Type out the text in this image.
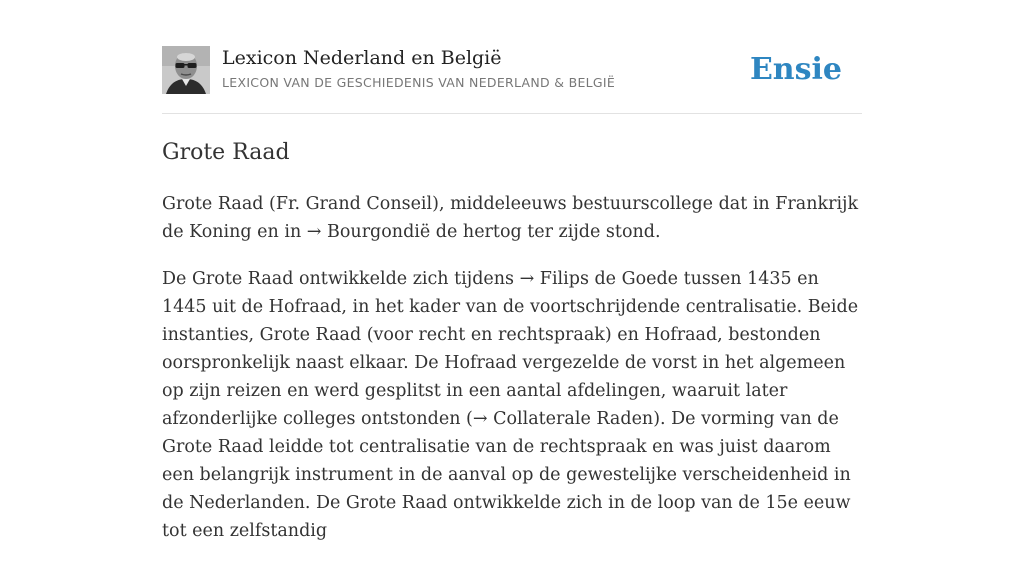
Lexicon Nederland en België
LEXICON VAN DE GESCHIEDENIS VAN NEDERLAND & BELGIË	Ensie
Grote Raad

Grote Raad (Fr. Grand Conseil), middeleeuws bestuurscollege dat in Frankrijk de Koning en in → Bourgondië de hertog ter zijde stond.

De Grote Raad ontwikkelde zich tijdens → Filips de Goede tussen 1435 en 1445 uit de Hofraad, in het kader van de voortschrijdende centralisatie. Beide instanties, Grote Raad (voor recht en rechtspraak) en Hofraad, bestonden oorspronkelijk naast elkaar. De Hofraad vergezelde de vorst in het algemeen op zijn reizen en werd gesplitst in een aantal afdelingen, waaruit later afzonderlijke colleges ontstonden (→ Collaterale Raden). De vorming van de Grote Raad leidde tot centralisatie van de rechtspraak en was juist daarom een belangrijk instrument in de aanval op de gewestelijke verscheidenheid in de Nederlanden. De Grote Raad ontwikkelde zich in de loop van de 15e eeuw tot een zelfstandig
